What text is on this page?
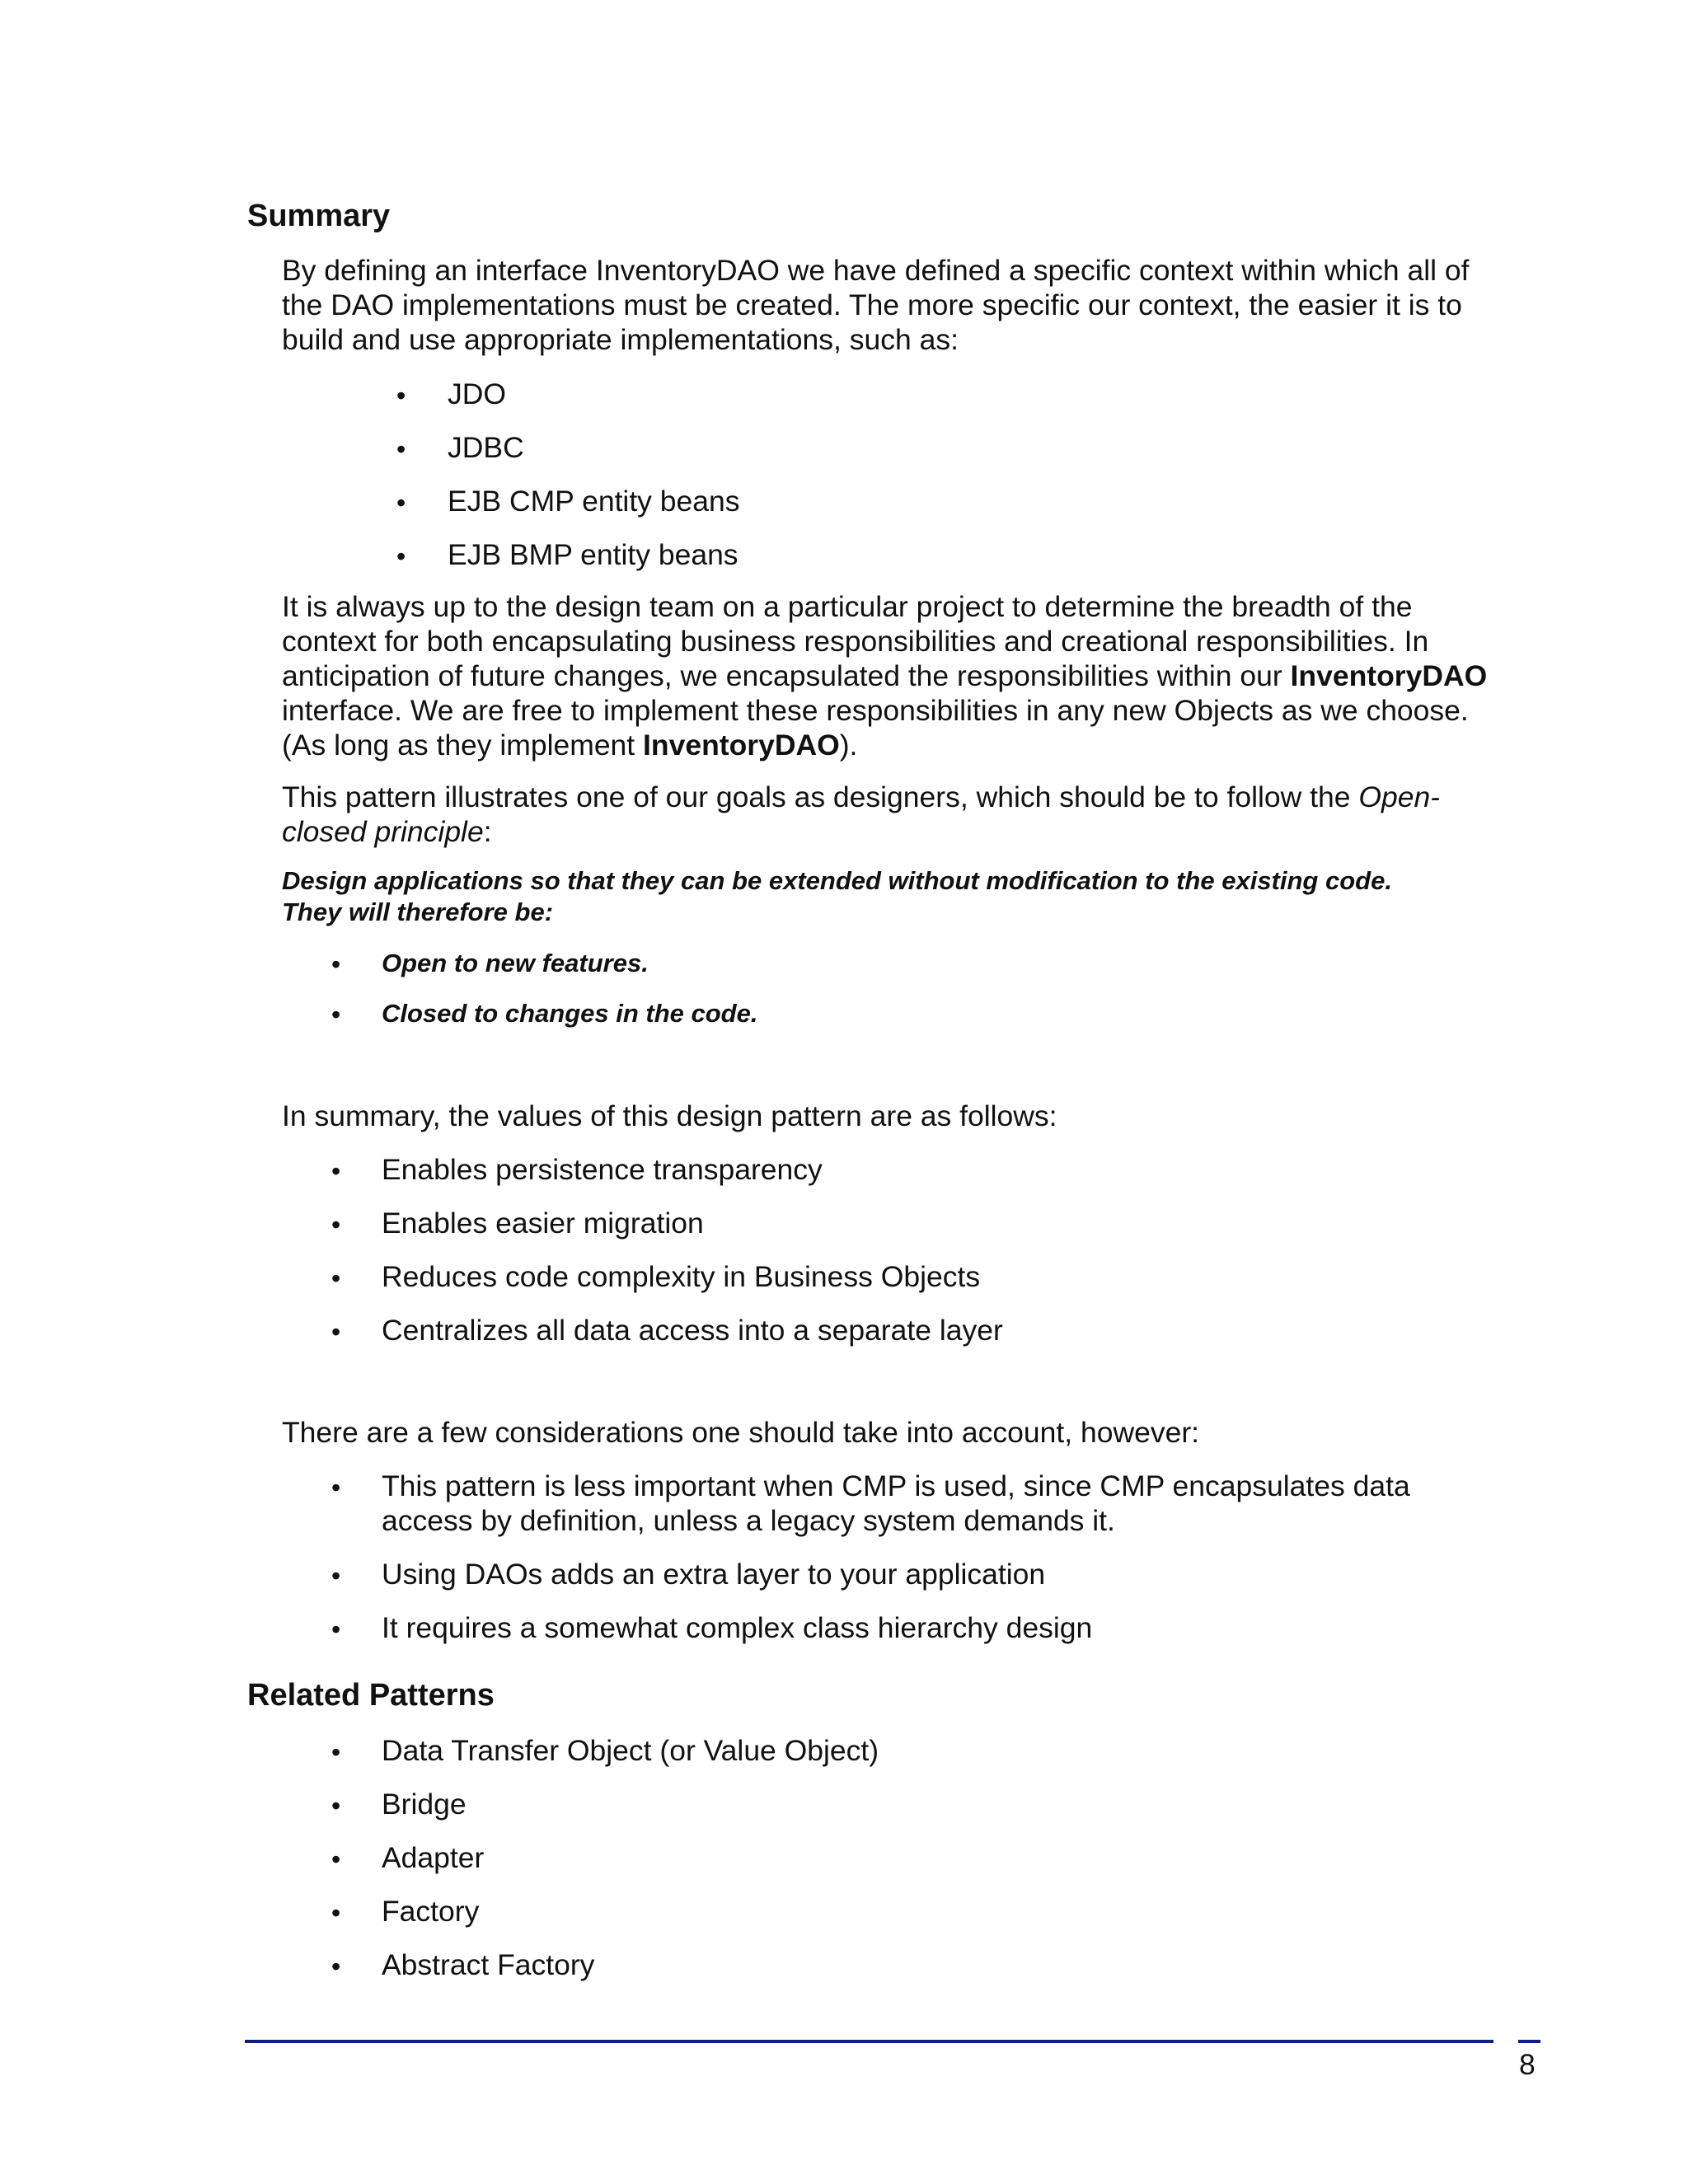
Summary

By defining an interface InventoryDAO we have defined a specific context within which all of

the DAO implementations must be created. The more specific our context, the easier it is to

build and use appropriate implementations, such as:

• JDO

• JDBC

• EJB CMP entity beans

• EJB BMP entity beans

It is always up to the design team on a particular project to determine the breadth of the

context for both encapsulating business responsibilities and creational responsibilities. In

anticipation of future changes, we encapsulated the responsibilities within our InventoryDAO

interface. We are free to implement these responsibilities in any new Objects as we choose.

(As long as they implement InventoryDAO).

This pattern illustrates one of our goals as designers, which should be to follow the Open-

closed principle:

Design applications so that they can be extended without modification to the existing code.

They will therefore be:

• Open to new features.

• Closed to changes in the code.

In summary, the values of this design pattern are as follows:

• Enables persistence transparency

• Enables easier migration

• Reduces code complexity in Business Objects

• Centralizes all data access into a separate layer

There are a few considerations one should take into account, however:

• This pattern is less important when CMP is used, since CMP encapsulates data

access by definition, unless a legacy system demands it.

• Using DAOs adds an extra layer to your application

• It requires a somewhat complex class hierarchy design

Related Patterns

• Data Transfer Object (or Value Object)

• Bridge

• Adapter

• Factory

• Abstract Factory

8
